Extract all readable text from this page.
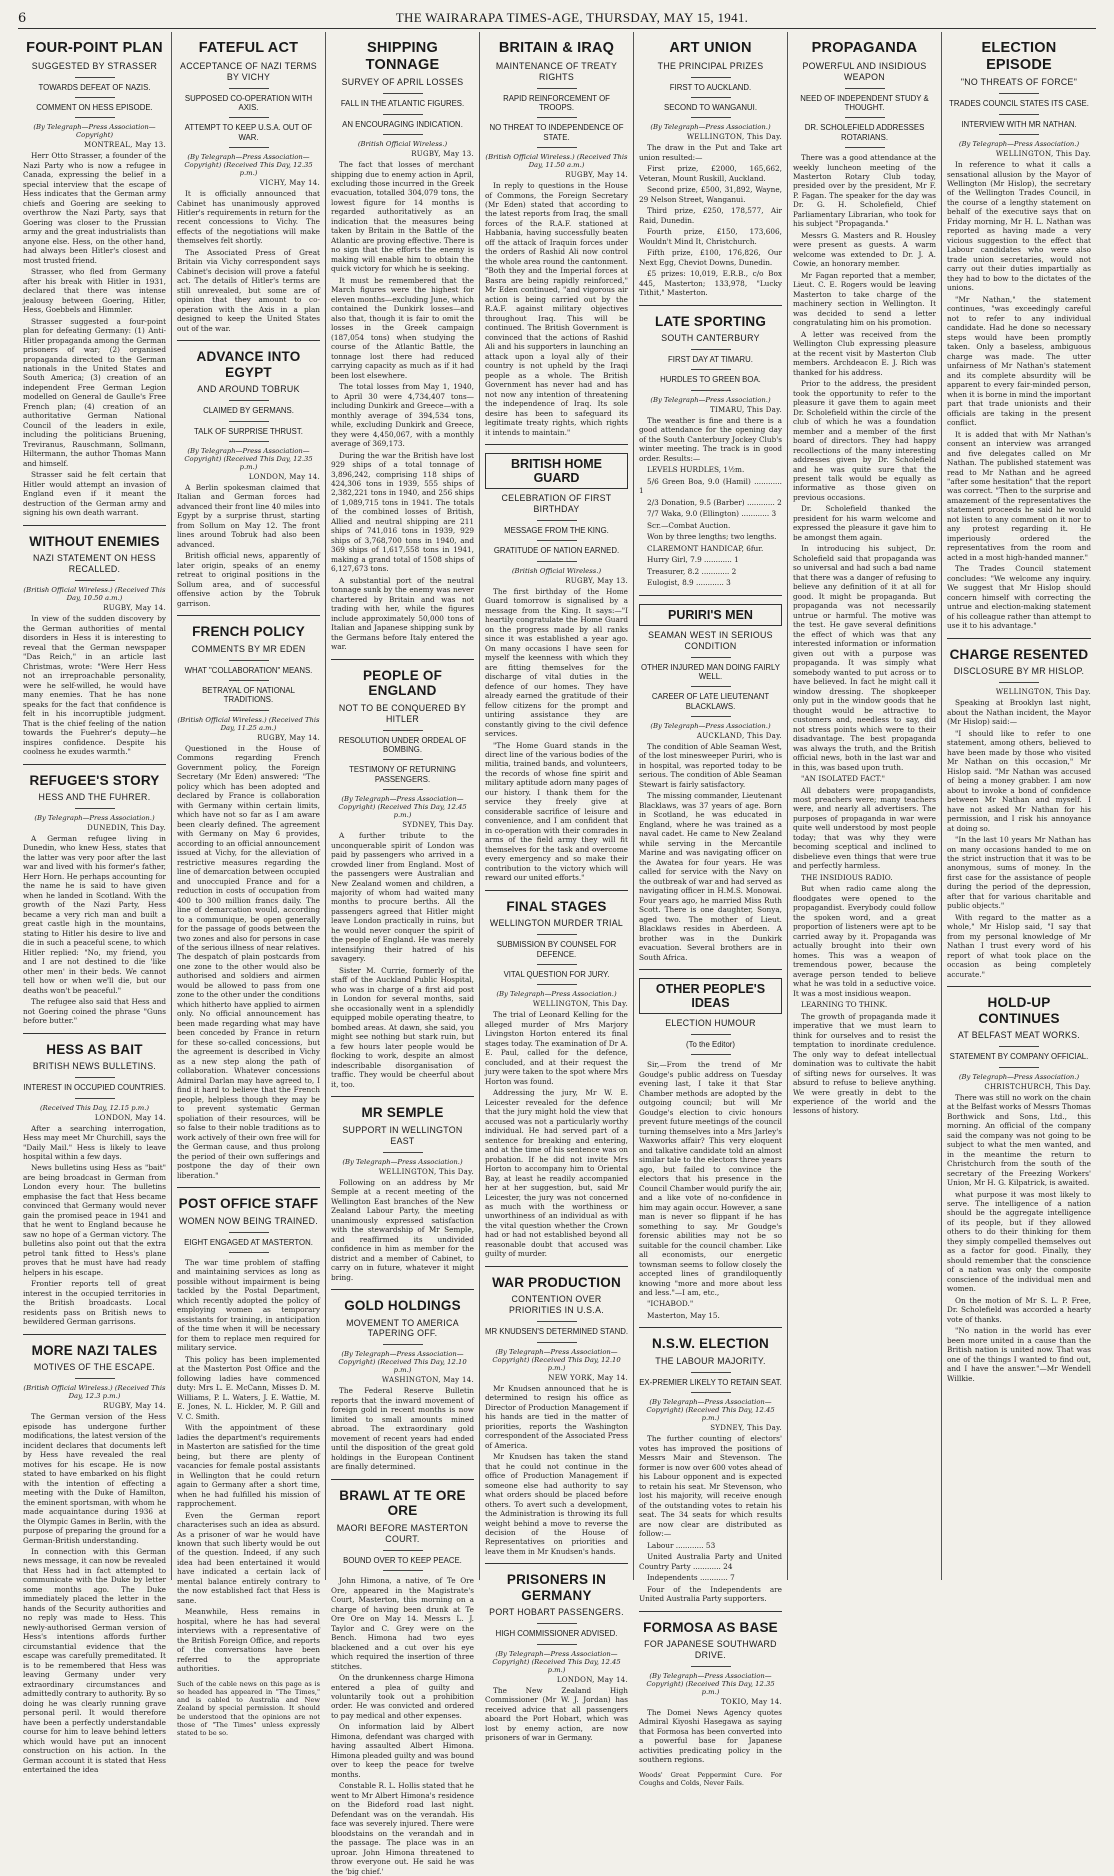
6	THE WAIRARAPA TIMES-AGE, THURSDAY, MAY 15, 1941.
FOUR-POINT PLAN
SUGGESTED BY STRASSER
TOWARDS DEFEAT OF NAZIS.
COMMENT ON HESS EPISODE.
(By Telegraph—Press Association—Copyright)
MONTREAL, May 13.

Herr Otto Strasser, a founder of the Nazi Party who is now a refugee in Canada, expressing the belief in a special interview that the escape of Hess indicates that the German army chiefs and Goering are seeking to overthrow the Nazi Party, says that Goering was closer to the Prussian army and the great industrialists than anyone else. Hess, on the other hand, had always been Hitler's closest and most trusted friend.

Strasser, who fled from Germany after his break with Hitler in 1931, declared that there was intense jealousy between Goering, Hitler, Hess, Goebbels and Himmler.

Strasser suggested a four-point plan for defeating Germany: (1) Anti-Hitler propaganda among the German prisoners of war; (2) organised propaganda directed to the German nationals in the United States and South America; (3) creation of an independent Free German Legion modelled on General de Gaulle's Free French plan; (4) creation of an authoritative German National Council of the leaders in exile, including the politicians Bruening, Treviranus, Rauschmann, Sollmann, Hiltermann, the author Thomas Mann and himself.

Strasser said he felt certain that Hitler would attempt an invasion of England even if it meant the destruction of the German army and signing his own death warrant.

WITHOUT ENEMIES
NAZI STATEMENT ON HESS RECALLED.
(British Official Wireless.) (Received This Day, 10.50 a.m.)
RUGBY, May 14.

In view of the sudden discovery by the German authorities of mental disorders in Hess it is interesting to reveal that the German newspaper "Das Reich," in an article last Christmas, wrote: "Were Herr Hess not an irreproachable personality, were he self-willed, he would have many enemies. That he has none speaks for the fact that confidence is felt in his incorruptible judgment. That is the chief feeling of the nation towards the Fuehrer's deputy—he inspires confidence. Despite his coolness he exudes warmth."

REFUGEE'S STORY
HESS AND THE FUHRER.
(By Telegraph—Press Association.)
DUNEDIN, This Day.

A German refugee living in Dunedin, who knew Hess, states that the latter was very poor after the last war and lived with his former's father, Herr Horn. He perhaps accounting for the name he is said to have given when he landed in Scotland. With the growth of the Nazi Party, Hess became a very rich man and built a great castle high in the mountains, stating to Hitler his desire to live and die in such a peaceful scene, to which Hitler replied: "No, my friend, you and I are not destined to die 'like other men' in their beds. We cannot tell how or when we'll die, but our deaths won't be peaceful."

The refugee also said that Hess and not Goering coined the phrase "Guns before butter."

HESS AS BAIT
BRITISH NEWS BULLETINS.
INTEREST IN OCCUPIED COUNTRIES.
(Received This Day, 12.15 p.m.)
LONDON, May 14.

After a searching interrogation, Hess may meet Mr Churchill, says the "Daily Mail." Hess is likely to leave hospital within a few days.

News bulletins using Hess as "bait" are being broadcast in German from London every hour. The bulletins emphasise the fact that Hess became convinced that Germany would never gain the promised peace in 1941 and that he went to England because he saw no hope of a German victory. The bulletins also point out that the extra petrol tank fitted to Hess's plane proves that he must have had ready helpers in his escape.

Frontier reports tell of great interest in the occupied territories in the British broadcasts. Local residents pass on British news to bewildered German garrisons.

MORE NAZI TALES
MOTIVES OF THE ESCAPE.
(British Official Wireless.) (Received This Day, 12.3 p.m.)
RUGBY, May 14.

The German version of the Hess episode has undergone further modifications, the latest version of the incident declares that documents left by Hess have revealed the real motives for his escape. He is now stated to have embarked on his flight with the intention of effecting a meeting with the Duke of Hamilton, the eminent sportsman, with whom he made acquaintance during 1936 at the Olympic Games in Berlin, with the purpose of preparing the ground for a German-British understanding.

In connection with this German news message, it can now be revealed that Hess had in fact attempted to communicate with the Duke by letter some months ago. The Duke immediately placed the letter in the hands of the Security authorities and no reply was made to Hess. This newly-authorised German version of Hess's intentions affords further circumstantial evidence that the escape was carefully premeditated. It is to be remembered that Hess was leaving Germany under very extraordinary circumstances and admittedly contrary to authority. By so doing he was clearly running grave personal peril. It would therefore have been a perfectly understandable course for him to leave behind letters which would have put an innocent construction on his action. In the German account it is stated that Hess entertained the idea

FATEFUL ACT
ACCEPTANCE OF NAZI TERMS BY VICHY
SUPPOSED CO-OPERATION WITH AXIS.
ATTEMPT TO KEEP U.S.A. OUT OF WAR.
(By Telegraph—Press Association—Copyright) (Received This Day, 12.35 p.m.)
VICHY, May 14.

It is officially announced that Cabinet has unanimously approved Hitler's requirements in return for the recent concessions to Vichy. The effects of the negotiations will make themselves felt shortly.

The Associated Press of Great Britain via Vichy correspondent says Cabinet's decision will prove a fateful act. The details of Hitler's terms are still unrevealed, but some are of opinion that they amount to co-operation with the Axis in a plan designed to keep the United States out of the war.

ADVANCE INTO EGYPT
AND AROUND TOBRUK
CLAIMED BY GERMANS.
TALK OF SURPRISE THRUST.
(By Telegraph—Press Association—Copyright) (Received This Day, 12.35 p.m.)
LONDON, May 14.

A Berlin spokesman claimed that Italian and German forces had advanced their front line 40 miles into Egypt by a surprise thrust, starting from Sollum on May 12. The front lines around Tobruk had also been advanced.

British official news, apparently of later origin, speaks of an enemy retreat to original positions in the Sollum area, and of successful offensive action by the Tobruk garrison.

FRENCH POLICY
COMMENTS BY MR EDEN
WHAT "COLLABORATION" MEANS.
BETRAYAL OF NATIONAL TRADITIONS.
(British Official Wireless.) (Received This Day, 11.25 a.m.)
RUGBY, May 14.

Questioned in the House of Commons regarding French Government policy, the Foreign Secretary (Mr Eden) answered: "The policy which has been adopted and declared by France is collaboration with Germany within certain limits, which have not so far as I am aware been clearly defined. The agreement with Germany on May 6 provides, according to an official announcement issued at Vichy, for the alleviation of restrictive measures regarding the line of demarcation between occupied and unoccupied France and for a reduction in costs of occupation from 400 to 300 million francs daily. The line of demarcation would, according to a communique, be open generally for the passage of goods between the two zones and also for persons in case of the serious illness of near relatives. The despatch of plain postcards from one zone to the other would also be authorised and soldiers and airmen would be allowed to pass from one zone to the other under the conditions which hitherto have applied to airmen only. No official announcement has been made regarding what may have been conceded by France in return for these so-called concessions, but the agreement is described in Vichy as a new step along the path of collaboration. Whatever concessions Admiral Darlan may have agreed to, I find it hard to believe that the French people, helpless though they may be to prevent systematic German spoliation of their resources, will be so false to their noble traditions as to work actively of their own free will for the German cause, and thus prolong the period of their own sufferings and postpone the day of their own liberation."

POST OFFICE STAFF
WOMEN NOW BEING TRAINED.
EIGHT ENGAGED AT MASTERTON.

The war time problem of staffing and maintaining services as long as possible without impairment is being tackled by the Postal Department, which recently adopted the policy of employing women as temporary assistants for training, in anticipation of the time when it will be necessary for them to replace men required for military service.

This policy has been implemented at the Masterton Post Office and the following ladies have commenced duty: Mrs L. E. McCann, Misses D. M. Williams, P. L. Waters, J. E. Wattie, M. E. Jones, N. L. Hickler, M. P. Gill and V. C. Smith.

With the appointment of these ladies the department's requirements in Masterton are satisfied for the time being, but there are plenty of vacancies for female postal assistants in Wellington that he could return again to Germany after a short time, when he had fulfilled his mission of rapprochement.

Even the German report characterises such an idea as absurd. As a prisoner of war he would have known that such liberty would be out of the question. Indeed, if any such idea had been entertained it would have indicated a certain lack of mental balance entirely contrary to the now established fact that Hess is sane.

Meanwhile, Hess remains in hospital, where he has had several interviews with a representative of the British Foreign Office, and reports of the conversations have been referred to the appropriate authorities.

Such of the cable news on this page as is so headed has appeared in "The Times," and is cabled to Australia and New Zealand by special permission. It should be understood that the opinions are not those of "The Times" unless expressly stated to be so.
SHIPPING TONNAGE
SURVEY OF APRIL LOSSES
FALL IN THE ATLANTIC FIGURES.
AN ENCOURAGING INDICATION.
(British Official Wireless.)
RUGBY, May 13.

The fact that losses of merchant shipping due to enemy action in April, excluding those incurred in the Greek evacuation, totalled 304,079 tons, the lowest figure for 14 months is regarded authoritatively as an indication that the measures being taken by Britain in the Battle of the Atlantic are proving effective. There is no sign that the efforts the enemy is making will enable him to obtain the quick victory for which he is seeking.

It must be remembered that the March figures were the highest for eleven months—excluding June, which contained the Dunkirk losses—and also that, though it is fair to omit the losses in the Greek campaign (187,054 tons) when studying the course of the Atlantic Battle, the tonnage lost there had reduced carrying capacity as much as if it had been lost elsewhere.

The total losses from May 1, 1940, to April 30 were 4,734,407 tons—including Dunkirk and Greece—with a monthly average of 394,534 tons, while, excluding Dunkirk and Greece, they were 4,450,067, with a monthly average of 369,173.

During the war the British have lost 929 ships of a total tonnage of 3,896,242, comprising 118 ships of 424,306 tons in 1939, 555 ships of 2,382,221 tons in 1940, and 256 ships of 1,089,715 tons in 1941. The totals of the combined losses of British, Allied and neutral shipping are 211 ships of 741,016 tons in 1939, 929 ships of 3,768,700 tons in 1940, and 369 ships of 1,617,558 tons in 1941, making a grand total of 1508 ships of 6,127,673 tons.

A substantial port of the neutral tonnage sunk by the enemy was never chartered by Britain and was not trading with her, while the figures include approximately 50,000 tons of Italian and Japanese shipping sunk by the Germans before Italy entered the war.

PEOPLE OF ENGLAND
NOT TO BE CONQUERED BY HITLER
RESOLUTION UNDER ORDEAL OF BOMBING.
TESTIMONY OF RETURNING PASSENGERS.
(By Telegraph—Press Association—Copyright) (Received This Day, 12.45 p.m.)
SYDNEY, This Day.

A further tribute to the unconquerable spirit of London was paid by passengers who arrived in a crowded liner from England. Most of the passengers were Australian and New Zealand women and children, a majority of whom had waited many months to procure berths. All the passengers agreed that Hitler might leave London practically in ruins, but he would never conquer the spirit of the people of England. He was merely intensifying their hatred of his savagery.

Sister M. Currie, formerly of the staff of the Auckland Public Hospital, who was in charge of a first aid post in London for several months, said she occasionally went in a splendidly equipped mobile operating theatre, to bombed areas. At dawn, she said, you might see nothing but stark ruin, but a few hours later people would be flocking to work, despite an almost indescribable disorganisation of traffic. They would be cheerful about it, too.

MR SEMPLE
SUPPORT IN WELLINGTON EAST
(By Telegraph—Press Association.)
WELLINGTON, This Day.

Following on an address by Mr Semple at a recent meeting of the Wellington East branches of the New Zealand Labour Party, the meeting unanimously expressed satisfaction with the stewardship of Mr Semple, and reaffirmed its undivided confidence in him as member for the district and a member of Cabinet, to carry on in future, whatever it might bring.

GOLD HOLDINGS
MOVEMENT TO AMERICA TAPERING OFF.
(By Telegraph—Press Association—Copyright) (Received This Day, 12.10 p.m.)
WASHINGTON, May 14.

The Federal Reserve Bulletin reports that the inward movement of foreign gold in recent months is now limited to small amounts mined abroad. The extraordinary gold movement of recent years had ended until the disposition of the great gold holdings in the European Continent are finally determined.

BRAWL AT TE ORE ORE
MAORI BEFORE MASTERTON COURT.
BOUND OVER TO KEEP PEACE.

John Himona, a native, of Te Ore Ore, appeared in the Magistrate's Court, Masterton, this morning on a charge of having been drunk at Te Ore Ore on May 14. Messrs L. J. Taylor and C. Grey were on the Bench. Himona had two eyes blackened and a cut over his eye which required the insertion of three stitches.

On the drunkenness charge Himona entered a plea of guilty and voluntarily took out a prohibition order. He was convicted and ordered to pay medical and other expenses.

On information laid by Albert Himona, defendant was charged with having assaulted Albert Himona. Himona pleaded guilty and was bound over to keep the peace for twelve months.

Constable R. L. Hollis stated that he went to Mr Albert Himona's residence on the Bideford road last night. Defendant was on the verandah. His face was severely injured. There were bloodstains on the verandah and in the passage. The place was in an uproar. John Himona threatened to throw everyone out. He said he was the 'big chief.'

BRITAIN & IRAQ
MAINTENANCE OF TREATY RIGHTS
RAPID REINFORCEMENT OF TROOPS.
NO THREAT TO INDEPENDENCE OF STATE.
(British Official Wireless.) (Received This Day, 11.50 a.m.)
RUGBY, May 14.

In reply to questions in the House of Commons, the Foreign Secretary (Mr Eden) stated that according to the latest reports from Iraq, the small forces of the R.A.F. stationed at Habbania, having successfully beaten off the attack of Iraquin forces under the orders of Rashid Ali now control the whole area round the cantonment. "Both they and the Imperial forces at Basra are being rapidly reinforced," Mr Eden continued, "and vigorous air action is being carried out by the R.A.F. against military objectives throughout Iraq. This will be continued. The British Government is convinced that the actions of Rashid Ali and his supporters in launching an attack upon a loyal ally of their country is not upheld by the Iraqi people as a whole. The British Government has never had and has not now any intention of threatening the independence of Iraq. Its sole desire has been to safeguard its legitimate treaty rights, which rights it intends to maintain."

BRITISH HOME GUARD
CELEBRATION OF FIRST BIRTHDAY
MESSAGE FROM THE KING.
GRATITUDE OF NATION EARNED.
(British Official Wireless.)
RUGBY, May 13.

The first birthday of the Home Guard tomorrow is signalised by a message from the King. It says:—"I heartily congratulate the Home Guard on the progress made by all ranks since it was established a year ago. On many occasions I have seen for myself the keenness with which they are fitting themselves for the discharge of vital duties in the defence of our homes. They have already earned the gratitude of their fellow citizens for the prompt and untiring assistance they are constantly giving to the civil defence services.

"The Home Guard stands in the direct line of the various bodies of the militia, trained bands, and volunteers, the records of whose fine spirit and military aptitude adorn many pages of our history. I thank them for the service they freely give at considerable sacrifice of leisure and convenience, and I am confident that in co-operation with their comrades in arms of the field army they will fit themselves for the task and overcome every emergency and so make their contribution to the victory which will reward our united efforts."

FINAL STAGES
WELLINGTON MURDER TRIAL
SUBMISSION BY COUNSEL FOR DEFENCE.
VITAL QUESTION FOR JURY.
(By Telegraph—Press Association.)
WELLINGTON, This Day.

The trial of Leonard Kelling for the alleged murder of Mrs Marjory Livingston Horton entered its final stages today. The examination of Dr A. E. Paul, called for the defence, concluded, and at their request the jury were taken to the spot where Mrs Horton was found.

Addressing the jury, Mr W. E. Leicester revealed for the defence that the jury might hold the view that accused was not a particularly worthy individual. He had served part of a sentence for breaking and entering, and at the time of his sentence was on probation. If he did not invite Mrs Horton to accompany him to Oriental Bay, at least he readily accompanied her at her suggestion, but, said Mr Leicester, the jury was not concerned as much with the worthiness or unworthiness of an individual as with the vital question whether the Crown had or had not established beyond all reasonable doubt that accused was guilty of murder.

WAR PRODUCTION
CONTENTION OVER PRIORITIES IN U.S.A.
MR KNUDSEN'S DETERMINED STAND.
(By Telegraph—Press Association—Copyright) (Received This Day, 12.10 p.m.)
NEW YORK, May 14.

Mr Knudsen announced that he is determined to resign his office as Director of Production Management if his hands are tied in the matter of priorities, reports the Washington correspondent of the Associated Press of America.

Mr Knudsen has taken the stand that he could not continue in the office of Production Management if someone else had authority to say what orders should be placed before others. To avert such a development, the Administration is throwing its full weight behind a move to reverse the decision of the House of Representatives on priorities and leave them in Mr Knudsen's hands.

PRISONERS IN GERMANY
PORT HOBART PASSENGERS.
HIGH COMMISSIONER ADVISED.
(By Telegraph—Press Association—Copyright) (Received This Day, 12.45 p.m.)
LONDON, May 14.

The New Zealand High Commissioner (Mr W. J. Jordan) has received advice that all passengers aboard the Port Hobart, which was lost by enemy action, are now prisoners of war in Germany.

ART UNION
THE PRINCIPAL PRIZES
FIRST TO AUCKLAND.
SECOND TO WANGANUI.
(By Telegraph—Press Association.)
WELLINGTON, This Day.

The draw in the Put and Take art union resulted:—

First prize, £2000, 165,662, Veteran, Mount Ruskill, Auckland.

Second prize, £500, 31,892, Wayne, 29 Nelson Street, Wanganui.

Third prize, £250, 178,577, Air Raid, Dunedin.

Fourth prize, £150, 173,606, Wouldn't Mind It, Christchurch.

Fifth prize, £100, 176,826, Our Next Egg, Cheviot Downs, Dunedin.

£5 prizes: 10,019, E.R.B., c/o Box 445, Masterton; 133,978, "Lucky Tithit," Masterton.

LATE SPORTING
SOUTH CANTERBURY
FIRST DAY AT TIMARU.
HURDLES TO GREEN BOA.
(By Telegraph—Press Association.)
TIMARU, This Day.

The weather is fine and there is a good attendance for the opening day of the South Canterbury Jockey Club's winter meeting. The track is in good order. Results:—

LEVELS HURDLES, 1½m.

5/6 Green Boa, 9.0 (Hamil) ............ 1

2/3 Donation, 9.5 (Barber) ............ 2

7/7 Waka, 9.0 (Ellington) ............ 3

Scr.—Combat Auction.

Won by three lengths; two lengths.

CLAREMONT HANDICAP, 6fur.

Hurry Girl, 7.9 ............ 1

Treasurer, 8.2 ............ 2

Eulogist, 8.9 ............ 3

PURIRI'S MEN
SEAMAN WEST IN SERIOUS CONDITION
OTHER INJURED MAN DOING FAIRLY WELL.
CAREER OF LATE LIEUTENANT BLACKLAWS.
(By Telegraph—Press Association.)
AUCKLAND, This Day.

The condition of Able Seaman West, of the lost minesweeper Puriri, who is in hospital, was reported today to be serious. The condition of Able Seaman Stewart is fairly satisfactory.

The missing commander, Lieutenant Blacklaws, was 37 years of age. Born in Scotland, he was educated in England, where he was trained as a naval cadet. He came to New Zealand while serving in the Mercantile Marine and was navigating officer on the Awatea for four years. He was called for service with the Navy on the outbreak of war and had served as navigating officer in H.M.S. Monowai. Four years ago, he married Miss Ruth Scott. There is one daughter, Sonya, aged two. The mother of Lieut. Blacklaws resides in Aberdeen. A brother was in the Dunkirk evacuation. Several brothers are in South Africa.

OTHER PEOPLE'S IDEAS
ELECTION HUMOUR
(To the Editor)

Sir,—From the trend of Mr Goudge's public address on Tuesday evening last, I take it that Star Chamber methods are adopted by the outgoing council; but will Mr Goudge's election to civic honours prevent future meetings of the council turning themselves into a Mrs Jarley's Waxworks affair? This very eloquent and talkative candidate told an almost similar tale to the electors three years ago, but failed to convince the electors that his presence in the Council Chamber would purify the air, and a like vote of no-confidence in him may again occur. However, a sane man is never so flippant if he has something to say. Mr Goudge's forensic abilities may not be so suitable for the council chamber. Like all economists, our energetic townsman seems to follow closely the accepted lines of grandiloquently knowing "more and more about less and less."—I am, etc.,

"ICHABOD."

Masterton, May 15.

N.S.W. ELECTION
THE LABOUR MAJORITY.
EX-PREMIER LIKELY TO RETAIN SEAT.
(By Telegraph—Press Association—Copyright) (Received This Day, 12.45 p.m.)
SYDNEY, This Day.

The further counting of electors' votes has improved the positions of Messrs Mair and Stevenson. The former is now over 600 votes ahead of his Labour opponent and is expected to retain his seat. Mr Stevenson, who lost his majority, will receive enough of the outstanding votes to retain his seat. The 34 seats for which results are now clear are distributed as follow:—

Labour ............ 53

United Australia Party and United Country Party ............ 24

Independents ............ 7

Four of the Independents are United Australia Party supporters.

FORMOSA AS BASE
FOR JAPANESE SOUTHWARD DRIVE.
(By Telegraph—Press Association—Copyright) (Received This Day, 12.35 p.m.)
TOKIO, May 14.

The Domei News Agency quotes Admiral Kiyoshi Hasegawa as saying that Formosa has been converted into a powerful base for Japanese activities predicating policy in the southern regions.

Woods' Great Peppermint Cure. For Coughs and Colds, Never Fails.
PROPAGANDA
POWERFUL AND INSIDIOUS WEAPON
NEED OF INDEPENDENT STUDY & THOUGHT.
DR. SCHOLEFIELD ADDRESSES ROTARIANS.

There was a good attendance at the weekly luncheon meeting of the Masterton Rotary Club today, presided over by the president, Mr F. P. Fagan. The speaker for the day was Dr. G. H. Scholefield, Chief Parliamentary Librarian, who took for his subject "Propaganda."

Messrs G. Masters and R. Housley were present as guests. A warm welcome was extended to Dr. J. A. Cowie, an honorary member.

Mr Fagan reported that a member, Lieut. C. E. Rogers would be leaving Masterton to take charge of the machinery section in Wellington. It was decided to send a letter congratulating him on his promotion.

A letter was received from the Wellington Club expressing pleasure at the recent visit by Masterton Club members. Archdeacon E. J. Rich was thanked for his address.

Prior to the address, the president took the opportunity to refer to the pleasure it gave them to again meet Dr. Scholefield within the circle of the club of which he was a foundation member and a member of the first board of directors. They had happy recollections of the many interesting addresses given by Dr. Scholefield and he was quite sure that the present talk would be equally as informative as those given on previous occasions.

Dr. Scholefield thanked the president for his warm welcome and expressed the pleasure it gave him to be amongst them again.

In introducing his subject, Dr. Scholefield said that propaganda was so universal and had such a bad name that there was a danger of refusing to believe any definition of it at all for good. It might be propaganda. But propaganda was not necessarily untrue or harmful. The motive was the test. He gave several definitions the effect of which was that any interested information or information given out with a purpose was propaganda. It was simply what somebody wanted to put across or to have believed. In fact he might call it window dressing. The shopkeeper only put in the window goods that he thought would be attractive to customers and, needless to say, did not stress points which were to their disadvantage. The best propaganda was always the truth, and the British official news, both in the last war and in this, was based upon truth.

"AN ISOLATED FACT."

All debaters were propagandists, most preachers were; many teachers were, and nearly all advertisers. The purposes of propaganda in war were quite well understood by most people today; that was why they were becoming sceptical and inclined to disbelieve even things that were true and perfectly harmless.

THE INSIDIOUS RADIO.

But when radio came along the floodgates were opened to the propagandist. Everybody could follow the spoken word, and a great proportion of listeners were apt to be carried away by it. Propaganda was actually brought into their own homes. This was a weapon of tremendous power, because the average person tended to believe what he was told in a seductive voice. It was a most insidious weapon.

LEARNING TO THINK.

The growth of propaganda made it imperative that we must learn to think for ourselves and to resist the temptation to inordinate credulence. The only way to defeat intellectual domination was to cultivate the habit of sifting news for ourselves. It was absurd to refuse to believe anything. We were greatly in debt to the experience of the world and the lessons of history.

ELECTION EPISODE
"NO THREATS OF FORCE"
TRADES COUNCIL STATES ITS CASE.
INTERVIEW WITH MR NATHAN.
(By Telegraph—Press Association.)
WELLINGTON, This Day.

In reference to what it calls a sensational allusion by the Mayor of Wellington (Mr Hislop), the secretary of the Wellington Trades Council, in the course of a lengthy statement on behalf of the executive says that on Friday morning, Mr H. L. Nathan was reported as having made a very vicious suggestion to the effect that Labour candidates who were also trade union secretaries, would not carry out their duties impartially as they had to bow to the dictates of the unions.

"Mr Nathan," the statement continues, "was exceedingly careful not to refer to any individual candidate. Had he done so necessary steps would have been promptly taken. Only a baseless, ambiguous charge was made. The utter unfairness of Mr Nathan's statement and its complete absurdity will be apparent to every fair-minded person, when it is borne in mind the important part that trade unionists and their officials are taking in the present conflict.

It is added that with Mr Nathan's consent an interview was arranged and five delegates called on Mr Nathan. The published statement was read to Mr Nathan and he agreed "after some hesitation" that the report was correct. "Then to the surprise and amazement of the representatives the statement proceeds he said he would not listen to any comment on it nor to any protest regarding it. He imperiously ordered the representatives from the room and acted in a most high-handed manner."

The Trades Council statement concludes: "We welcome any inquiry. We suggest that Mr Hislop should concern himself with correcting the untrue and election-making statement of his colleague rather than attempt to use it to his advantage."

CHARGE RESENTED
DISCLOSURE BY MR HISLOP.
WELLINGTON, This Day.

Speaking at Brooklyn last night, about the Nathan incident, the Mayor (Mr Hislop) said:—

"I should like to refer to one statement, among others, believed to have been made by those who visited Mr Nathan on this occasion," Mr Hislop said. "Mr Nathan was accused of being a money grabber. I am now about to invoke a bond of confidence between Mr Nathan and myself. I have not asked Mr Nathan for his permission, and I risk his annoyance at doing so.

"In the last 10 years Mr Nathan has on many occasions handed to me on the strict instruction that it was to be anonymous, sums of money. In the first case for the assistance of people during the period of the depression, after that for various charitable and public objects."

With regard to the matter as a whole," Mr Hislop said, "I say that from my personal knowledge of Mr Nathan I trust every word of his report of what took place on the occasion as being completely accurate."

HOLD-UP CONTINUES
AT BELFAST MEAT WORKS.
STATEMENT BY COMPANY OFFICIAL.
(By Telegraph—Press Association.)
CHRISTCHURCH, This Day.

There was still no work on the chain at the Belfast works of Messrs Thomas Borthwick and Sons, Ltd., this morning. An official of the company said the company was not going to be subject to what the men wanted, and in the meantime the return to Christchurch from the south of the secretary of the Freezing Workers' Union, Mr H. G. Kilpatrick, is awaited.

what purpose it was most likely to serve. The intelligence of a nation should be the aggregate intelligence of its people, but if they allowed others to do their thinking for them they simply compelled themselves out as a factor for good. Finally, they should remember that the conscience of a nation was only the composite conscience of the individual men and women.

On the motion of Mr S. L. P. Free, Dr. Scholefield was accorded a hearty vote of thanks.

"No nation in the world has ever been more united in a cause than the British nation is united now. That was one of the things I wanted to find out, and I have the answer."—Mr Wendell Willkie.
